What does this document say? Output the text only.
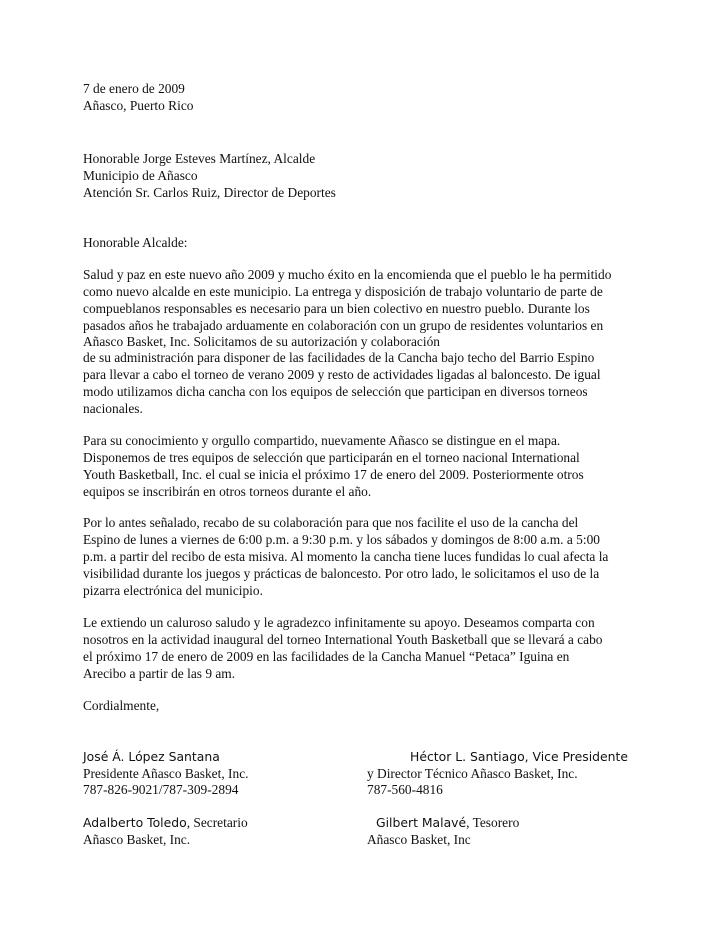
7 de enero de 2009
Añasco, Puerto Rico
Honorable Jorge Esteves Martínez, Alcalde
Municipio de Añasco
Atención Sr. Carlos Ruiz, Director de Deportes
Honorable Alcalde:
Salud y paz en este nuevo año 2009 y mucho éxito en la encomienda que el pueblo le ha permitido
como nuevo alcalde en este municipio. La entrega y disposición de trabajo voluntario de parte de
compueblanos responsables es necesario para un bien colectivo en nuestro pueblo. Durante los
pasados años he trabajado arduamente en colaboración con un grupo de residentes voluntarios en
Añasco Basket, Inc. Solicitamos de su autorización y colaboración
de su administración para disponer de las facilidades de la Cancha bajo techo del Barrio Espino
para llevar a cabo el torneo de verano 2009 y resto de actividades ligadas al baloncesto. De igual
modo utilizamos dicha cancha con los equipos de selección que participan en diversos torneos
nacionales.
Para su conocimiento y orgullo compartido, nuevamente Añasco se distingue en el mapa.
Disponemos de tres equipos de selección que participarán en el torneo nacional International
Youth Basketball, Inc. el cual se inicia el próximo 17 de enero del 2009. Posteriormente otros
equipos se inscribirán en otros torneos durante el año.
Por lo antes señalado, recabo de su colaboración para que nos facilite el uso de la cancha del
Espino de lunes a viernes de 6:00 p.m. a 9:30 p.m. y los sábados y domingos de 8:00 a.m. a 5:00
p.m. a partir del recibo de esta misiva. Al momento la cancha tiene luces fundidas lo cual afecta la
visibilidad durante los juegos y prácticas de baloncesto. Por otro lado, le solicitamos el uso de la
pizarra electrónica del municipio.
Le extiendo un caluroso saludo y le agradezco infinitamente su apoyo. Deseamos comparta con
nosotros en la actividad inaugural del torneo International Youth Basketball que se llevará a cabo
el próximo 17 de enero de 2009 en las facilidades de la Cancha Manuel “Petaca” Iguina en
Arecibo a partir de las 9 am.
Cordialmente,
José Á. López Santana
Presidente Añasco Basket, Inc.
787-826-9021/787-309-2894
Héctor L. Santiago, Vice Presidente
y Director Técnico Añasco Basket, Inc.
787-560-4816
Adalberto Toledo, Secretario
Añasco Basket, Inc.
Gilbert Malavé, Tesorero
Añasco Basket, Inc
